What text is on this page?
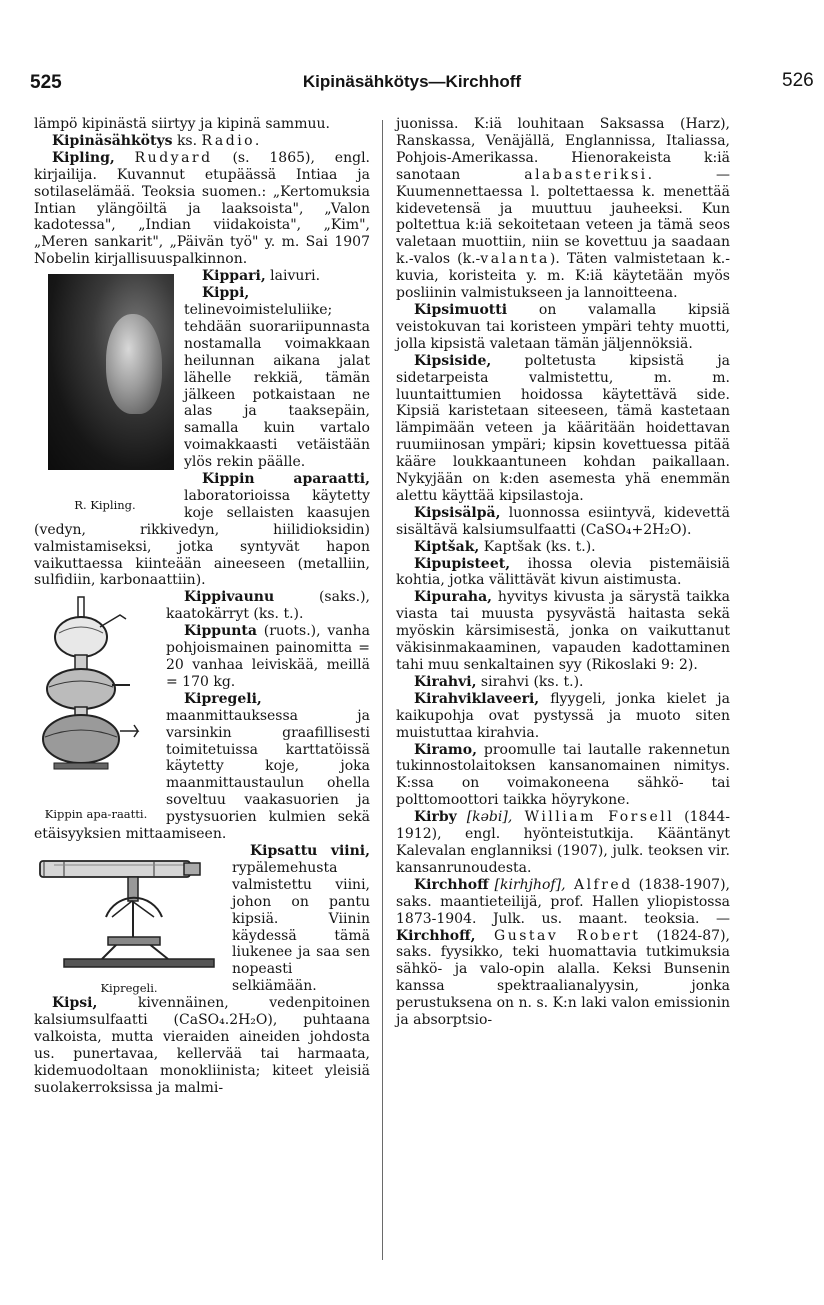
525	Kipinäsähkötys—Kirchhoff	526

lämpö kipinästä siirtyy ja kipinä sammuu.

Kipinäsähkötys ks. Radio.

Kipling, Rudyard (s. 1865), engl. kirjailija. Kuvannut etupäässä Intiaa ja sotilaselämää. Teoksia suomen.: „Kertomuksia Intian ylängöiltä ja laaksoista", „Valon kadotessa", „Indian viidakoista", „Kim", „Meren sankarit", „Päivän työ" y. m. Sai 1907 Nobelin kirjallisuuspalkinnon.

R. Kipling.

Kippari, laivuri.

Kippi, telinevoimisteluliike; tehdään suorariipunnasta nostamalla voimakkaan heilunnan aikana jalat lähelle rekkiä, tämän jälkeen potkaistaan ne alas ja taaksepäin, samalla kuin vartalo voimakkaasti vetäistään ylös rekin päälle.

Kippin aparaatti, laboratorioissa käytetty koje sellaisten kaasujen (vedyn, rikkivedyn, hiilidioksidin) valmistamiseksi, jotka syntyvät hapon vaikuttaessa kiinteään aineeseen (metalliin, sulfidiin, karbonaattiin).

Kippin apa-raatti.

Kippivaunu (saks.), kaatokärryt (ks. t.).

Kippunta (ruots.), vanha pohjoismainen painomitta = 20 vanhaa leiviskää, meillä = 170 kg.

Kipregeli, maanmittauksessa ja varsinkin graafillisesti toimitetuissa karttatöissä käytetty koje, joka maanmittaustaulun ohella soveltuu vaakasuorien ja pystysuorien kulmien sekä etäisyyksien mittaamiseen.

Kipregeli.

Kipsattu viini, rypälemehusta valmistettu viini, johon on pantu kipsiä. Viinin käydessä tämä liukenee ja saa sen nopeasti selkiämään.

Kipsi, kivennäinen, vedenpitoinen kalsiumsulfaatti (CaSO₄.2H₂O), puhtaana valkoista, mutta vieraiden aineiden johdosta us. punertavaa, kellervää tai harmaata, kidemuodoltaan monokliinista; kiteet yleisiä suolakerroksissa ja malmi-

juonissa. K:iä louhitaan Saksassa (Harz), Ranskassa, Venäjällä, Englannissa, Italiassa, Pohjois-Amerikassa. Hienorakeista k:iä sanotaan alabasteriksi. — Kuumennettaessa l. poltettaessa k. menettää kidevetensä ja muuttuu jauheeksi. Kun poltettua k:iä sekoitetaan veteen ja tämä seos valetaan muottiin, niin se kovettuu ja saadaan k.-valos (k.-valanta). Täten valmistetaan k.-kuvia, koristeita y. m. K:iä käytetään myös posliinin valmistukseen ja lannoitteena.

Kipsimuotti on valamalla kipsiä veistokuvan tai koristeen ympäri tehty muotti, jolla kipsistä valetaan tämän jäljennöksiä.

Kipsiside, poltetusta kipsistä ja sidetarpeista valmistettu, m. m. luuntaittumien hoidossa käytettävä side. Kipsiä karistetaan siteeseen, tämä kastetaan lämpimään veteen ja kääritään hoidettavan ruumiinosan ympäri; kipsin kovettuessa pitää kääre loukkaantuneen kohdan paikallaan. Nykyjään on k:den asemesta yhä enemmän alettu käyttää kipsilastoja.

Kipsisälpä, luonnossa esiintyvä, kidevettä sisältävä kalsiumsulfaatti (CaSO₄+2H₂O).

Kiptšak, Kaptšak (ks. t.).

Kipupisteet, ihossa olevia pistemäisiä kohtia, jotka välittävät kivun aistimusta.

Kipuraha, hyvitys kivusta ja särystä taikka viasta tai muusta pysyvästä haitasta sekä myöskin kärsimisestä, jonka on vaikuttanut väkisinmakaaminen, vapauden kadottaminen tahi muu senkaltainen syy (Rikoslaki 9: 2).

Kirahvi, sirahvi (ks. t.).

Kirahviklaveeri, flyygeli, jonka kielet ja kaikupohja ovat pystyssä ja muoto siten muistuttaa kirahvia.

Kiramo, proomulle tai lautalle rakennetun tukinnostolaitoksen kansanomainen nimitys. K:ssa on voimakoneena sähkö- tai polttomoottori taikka höyrykone.

Kirby [kəbi], William Forsell (1844-1912), engl. hyönteistutkija. Kääntänyt Kalevalan englanniksi (1907), julk. teoksen vir. kansanrunoudesta.

Kirchhoff [kirhjhof], Alfred (1838-1907), saks. maantieteilijä, prof. Hallen yliopistossa 1873-1904. Julk. us. maant. teoksia. — Kirchhoff, Gustav Robert (1824-87), saks. fyysikko, teki huomattavia tutkimuksia sähkö- ja valo-opin alalla. Keksi Bunsenin kanssa spektraalianalyysin, jonka perustuksena on n. s. K:n laki valon emissionin ja absorptsio-
